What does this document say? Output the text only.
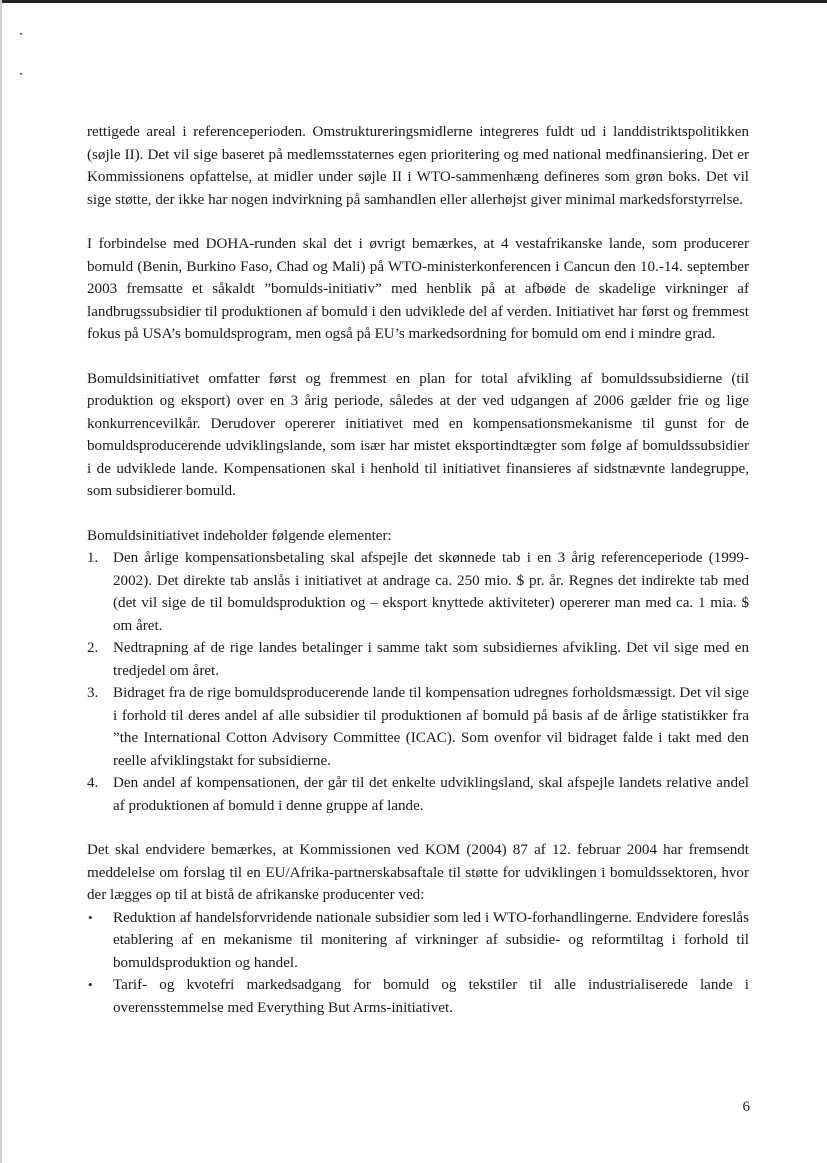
rettigede areal i referenceperioden. Omstruktureringsmidlerne integreres fuldt ud i landdistriktspolitikken (søjle II). Det vil sige baseret på medlemsstaternes egen prioritering og med national medfinansiering. Det er Kommissionens opfattelse, at midler under søjle II i WTO-sammenhæng defineres som grøn boks. Det vil sige støtte, der ikke har nogen indvirkning på samhandlen eller allerhøjst giver minimal markedsforstyrrelse.

I forbindelse med DOHA-runden skal det i øvrigt bemærkes, at 4 vestafrikanske lande, som producerer bomuld (Benin, Burkino Faso, Chad og Mali) på WTO-ministerkonferencen i Cancun den 10.-14. september 2003 fremsatte et såkaldt ”bomulds-initiativ” med henblik på at afbøde de skadelige virkninger af landbrugssubsidier til produktionen af bomuld i den udviklede del af verden. Initiativet har først og fremmest fokus på USA’s bomuldsprogram, men også på EU’s markedsordning for bomuld om end i mindre grad.

Bomuldsinitiativet omfatter først og fremmest en plan for total afvikling af bomuldssubsidierne (til produktion og eksport) over en 3 årig periode, således at der ved udgangen af 2006 gælder frie og lige konkurrencevilkår. Derudover opererer initiativet med en kompensationsmekanisme til gunst for de bomuldsproducerende udviklingslande, som især har mistet eksportindtægter som følge af bomuldssubsidier i de udviklede lande. Kompensationen skal i henhold til initiativet finansieres af sidstnævnte landegruppe, som subsidierer bomuld.

Bomuldsinitiativet indeholder følgende elementer:

1. Den årlige kompensationsbetaling skal afspejle det skønnede tab i en 3 årig referenceperiode (1999-2002). Det direkte tab anslås i initiativet at andrage ca. 250 mio. $ pr. år. Regnes det indirekte tab med (det vil sige de til bomuldsproduktion og – eksport knyttede aktiviteter) opererer man med ca. 1 mia. $ om året.
2. Nedtrapning af de rige landes betalinger i samme takt som subsidiernes afvikling. Det vil sige med en tredjedel om året.
3. Bidraget fra de rige bomuldsproducerende lande til kompensation udregnes forholdsmæssigt. Det vil sige i forhold til deres andel af alle subsidier til produktionen af bomuld på basis af de årlige statistikker fra ”the International Cotton Advisory Committee (ICAC). Som ovenfor vil bidraget falde i takt med den reelle afviklingstakt for subsidierne.
4. Den andel af kompensationen, der går til det enkelte udviklingsland, skal afspejle landets relative andel af produktionen af bomuld i denne gruppe af lande.

Det skal endvidere bemærkes, at Kommissionen ved KOM (2004) 87 af 12. februar 2004 har fremsendt meddelelse om forslag til en EU/Afrika-partnerskabsaftale til støtte for udviklingen i bomuldssektoren, hvor der lægges op til at bistå de afrikanske producenter ved:

• Reduktion af handelsforvridende nationale subsidier som led i WTO-forhandlingerne. Endvidere foreslås etablering af en mekanisme til monitering af virkninger af subsidie- og reformtiltag i forhold til bomuldsproduktion og handel.
• Tarif- og kvotefri markedsadgang for bomuld og tekstiler til alle industrialiserede lande i overensstemmelse med Everything But Arms-initiativet.
6
